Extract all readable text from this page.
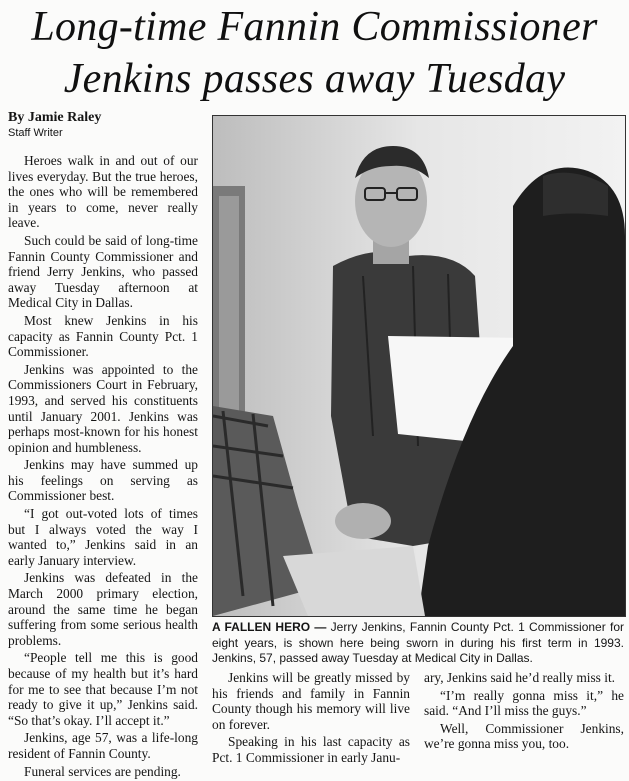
Long-time Fannin Commissioner
Jenkins passes away Tuesday
By Jamie Raley
Staff Writer

Heroes walk in and out of our lives everyday. But the true heroes, the ones who will be remembered in years to come, never really leave.

Such could be said of long-time Fannin County Commissioner and friend Jerry Jenkins, who passed away Tuesday afternoon at Medical City in Dallas.

Most knew Jenkins in his capacity as Fannin County Pct. 1 Commissioner.

Jenkins was appointed to the Commissioners Court in February, 1993, and served his constituents until January 2001. Jenkins was perhaps most-known for his honest opinion and humbleness.

Jenkins may have summed up his feelings on serving as Commissioner best.

“I got out-voted lots of times but I always voted the way I wanted to,” Jenkins said in an early January interview.

Jenkins was defeated in the March 2000 primary election, around the same time he began suffering from some serious health problems.

“People tell me this is good because of my health but it’s hard for me to see that because I’m not ready to give it up,” Jenkins said. “So that’s okay. I’ll accept it.”

Jenkins, age 57, was a life-long resident of Fannin County.

Funeral services are pending.

A FALLEN HERO — Jerry Jenkins, Fannin County Pct. 1 Commissioner for eight years, is shown here being sworn in during his first term in 1993. Jenkins, 57, passed away Tuesday at Medical City in Dallas.

Jenkins will be greatly missed by his friends and family in Fannin County though his memory will live on forever.

Speaking in his last capacity as Pct. 1 Commissioner in early Janu-

ary, Jenkins said he’d really miss it.

“I’m really gonna miss it,” he said. “And I’ll miss the guys.”

Well, Commissioner Jenkins, we’re gonna miss you, too.
